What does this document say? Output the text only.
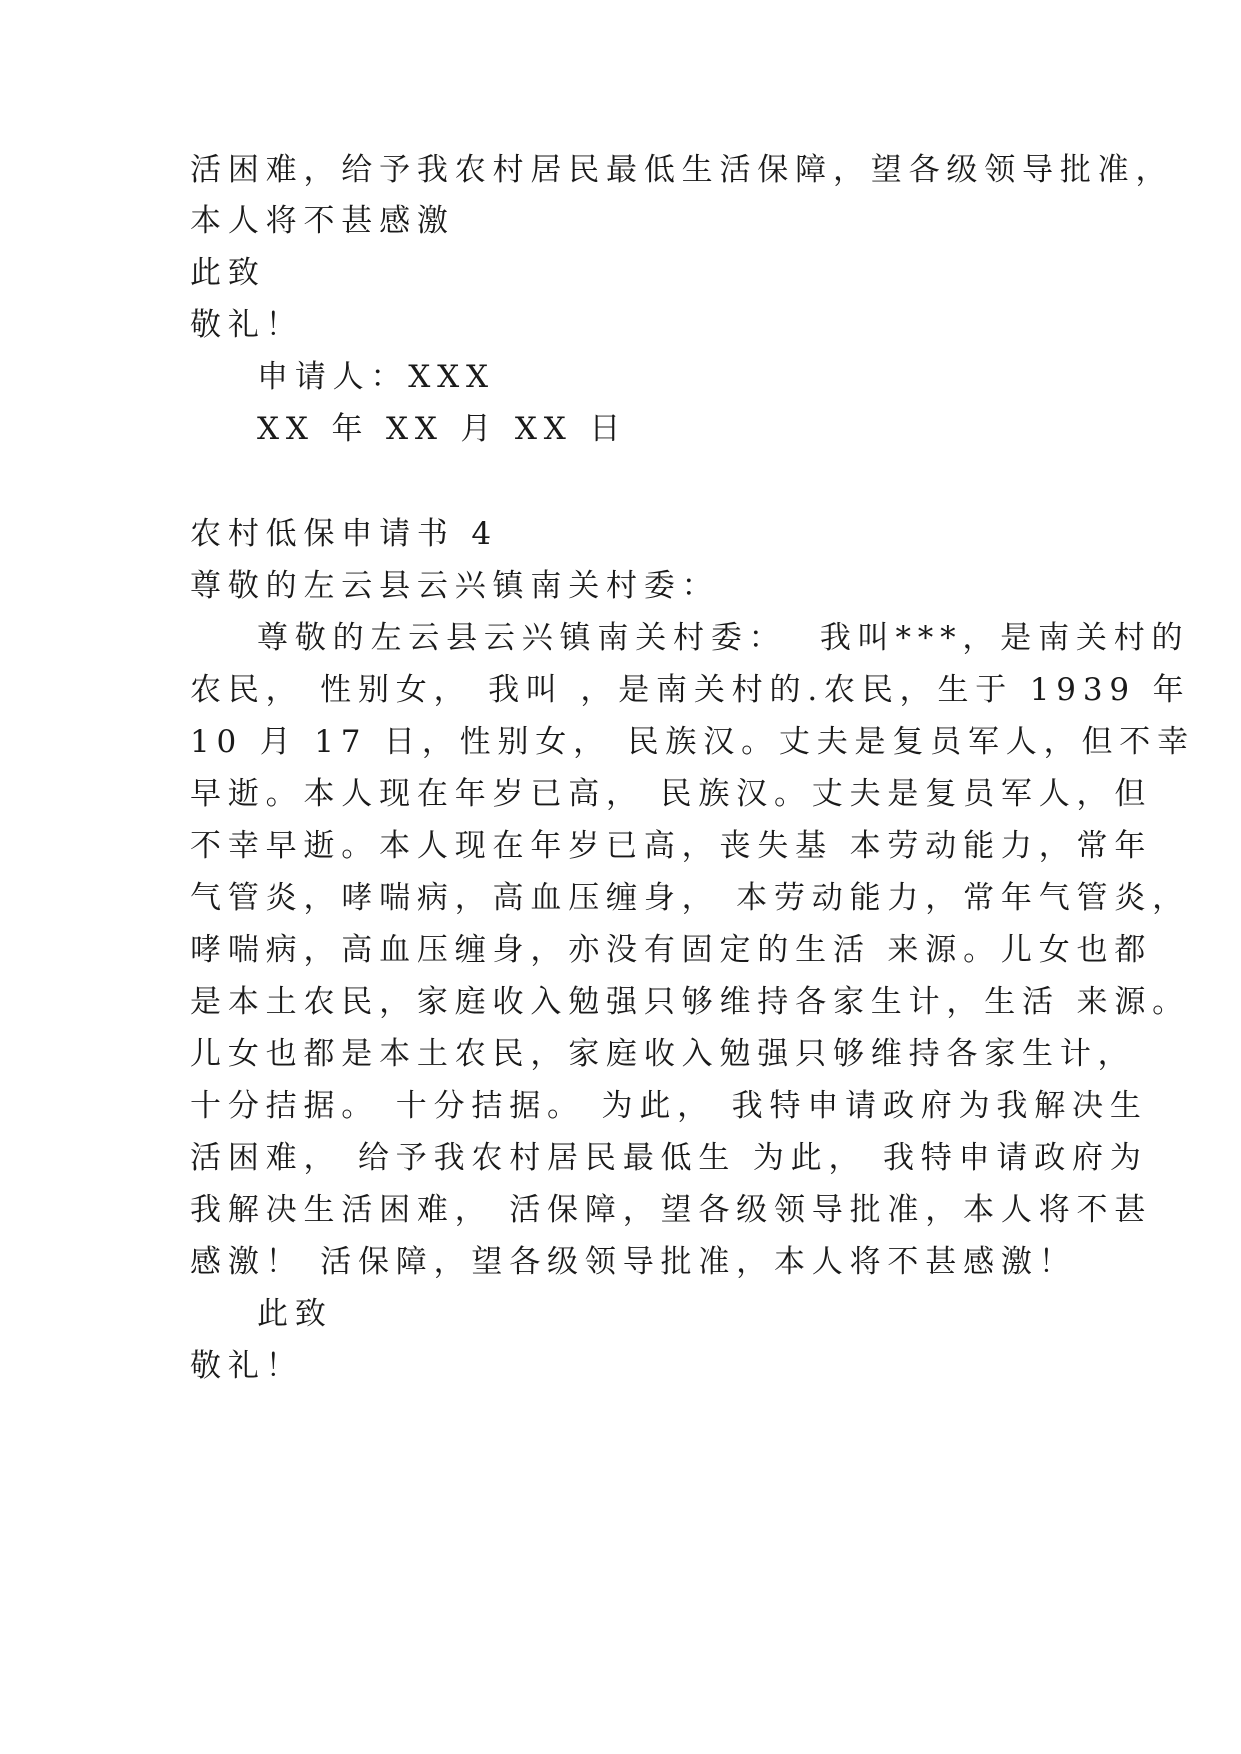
活困难，给予我农村居民最低生活保障，望各级领导批准，
本人将不甚感激
此致
敬礼！
申请人：XXX
XX 年 XX 月 XX 日
农村低保申请书 4
尊敬的左云县云兴镇南关村委：
尊敬的左云县云兴镇南关村委：  我叫***，是南关村的
农民， 性别女， 我叫 ，是南关村的.农民，生于 1939 年
10 月 17 日，性别女， 民族汉。丈夫是复员军人，但不幸
早逝。本人现在年岁已高， 民族汉。丈夫是复员军人，但
不幸早逝。本人现在年岁已高，丧失基 本劳动能力，常年
气管炎，哮喘病，高血压缠身， 本劳动能力，常年气管炎，
哮喘病，高血压缠身，亦没有固定的生活 来源。儿女也都
是本土农民，家庭收入勉强只够维持各家生计，生活 来源。
儿女也都是本土农民，家庭收入勉强只够维持各家生计，
十分拮据。 十分拮据。 为此， 我特申请政府为我解决生
活困难， 给予我农村居民最低生 为此， 我特申请政府为
我解决生活困难， 活保障，望各级领导批准，本人将不甚
感激！ 活保障，望各级领导批准，本人将不甚感激！
此致
敬礼！
